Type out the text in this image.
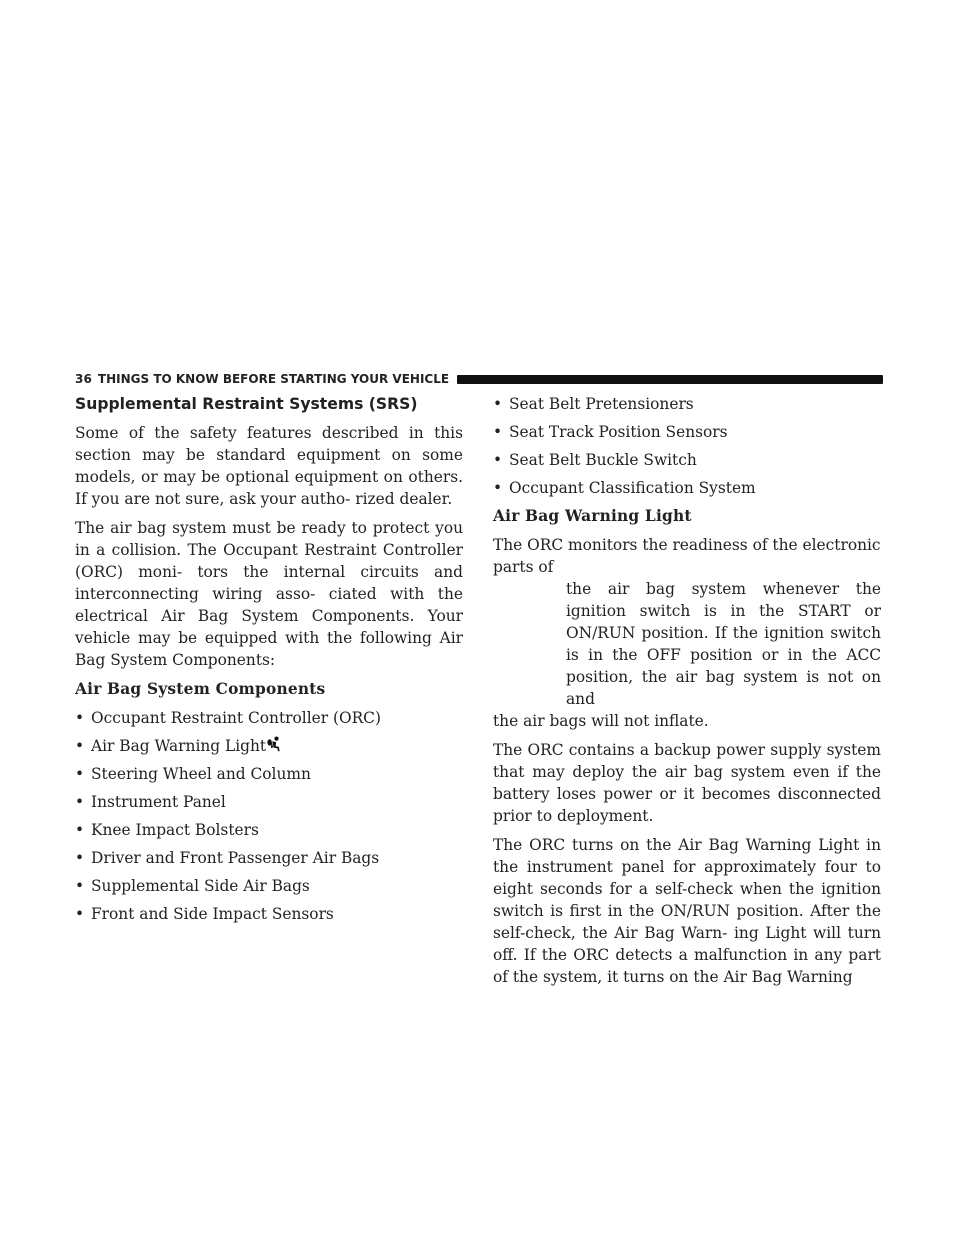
36 THINGS TO KNOW BEFORE STARTING YOUR VEHICLE
Supplemental Restraint Systems (SRS)

Some of the safety features described in this section may be standard equipment on some models, or may be optional equipment on others. If you are not sure, ask your autho- rized dealer.

The air bag system must be ready to protect you in a collision. The Occupant Restraint Controller (ORC) moni- tors the internal circuits and interconnecting wiring asso- ciated with the electrical Air Bag System Components. Your vehicle may be equipped with the following Air Bag System Components:

Air Bag System Components
• Occupant Restraint Controller (ORC)
• Air Bag Warning Light
• Steering Wheel and Column
• Instrument Panel
• Knee Impact Bolsters
• Driver and Front Passenger Air Bags
• Supplemental Side Air Bags
• Front and Side Impact Sensors
• Seat Belt Pretensioners
• Seat Track Position Sensors
• Seat Belt Buckle Switch
• Occupant Classification System
Air Bag Warning Light

The ORC monitors the readiness of the electronic parts of
the air bag system whenever the ignition switch is in the START or ON/RUN position. If the ignition switch is in the OFF position or in the ACC position, the air bag system is not on and
the air bags will not inflate.

The ORC contains a backup power supply system that may deploy the air bag system even if the battery loses power or it becomes disconnected prior to deployment.

The ORC turns on the Air Bag Warning Light in the instrument panel for approximately four to eight seconds for a self-check when the ignition switch is first in the ON/RUN position. After the self-check, the Air Bag Warn- ing Light will turn off. If the ORC detects a malfunction in any part of the system, it turns on the Air Bag Warning
